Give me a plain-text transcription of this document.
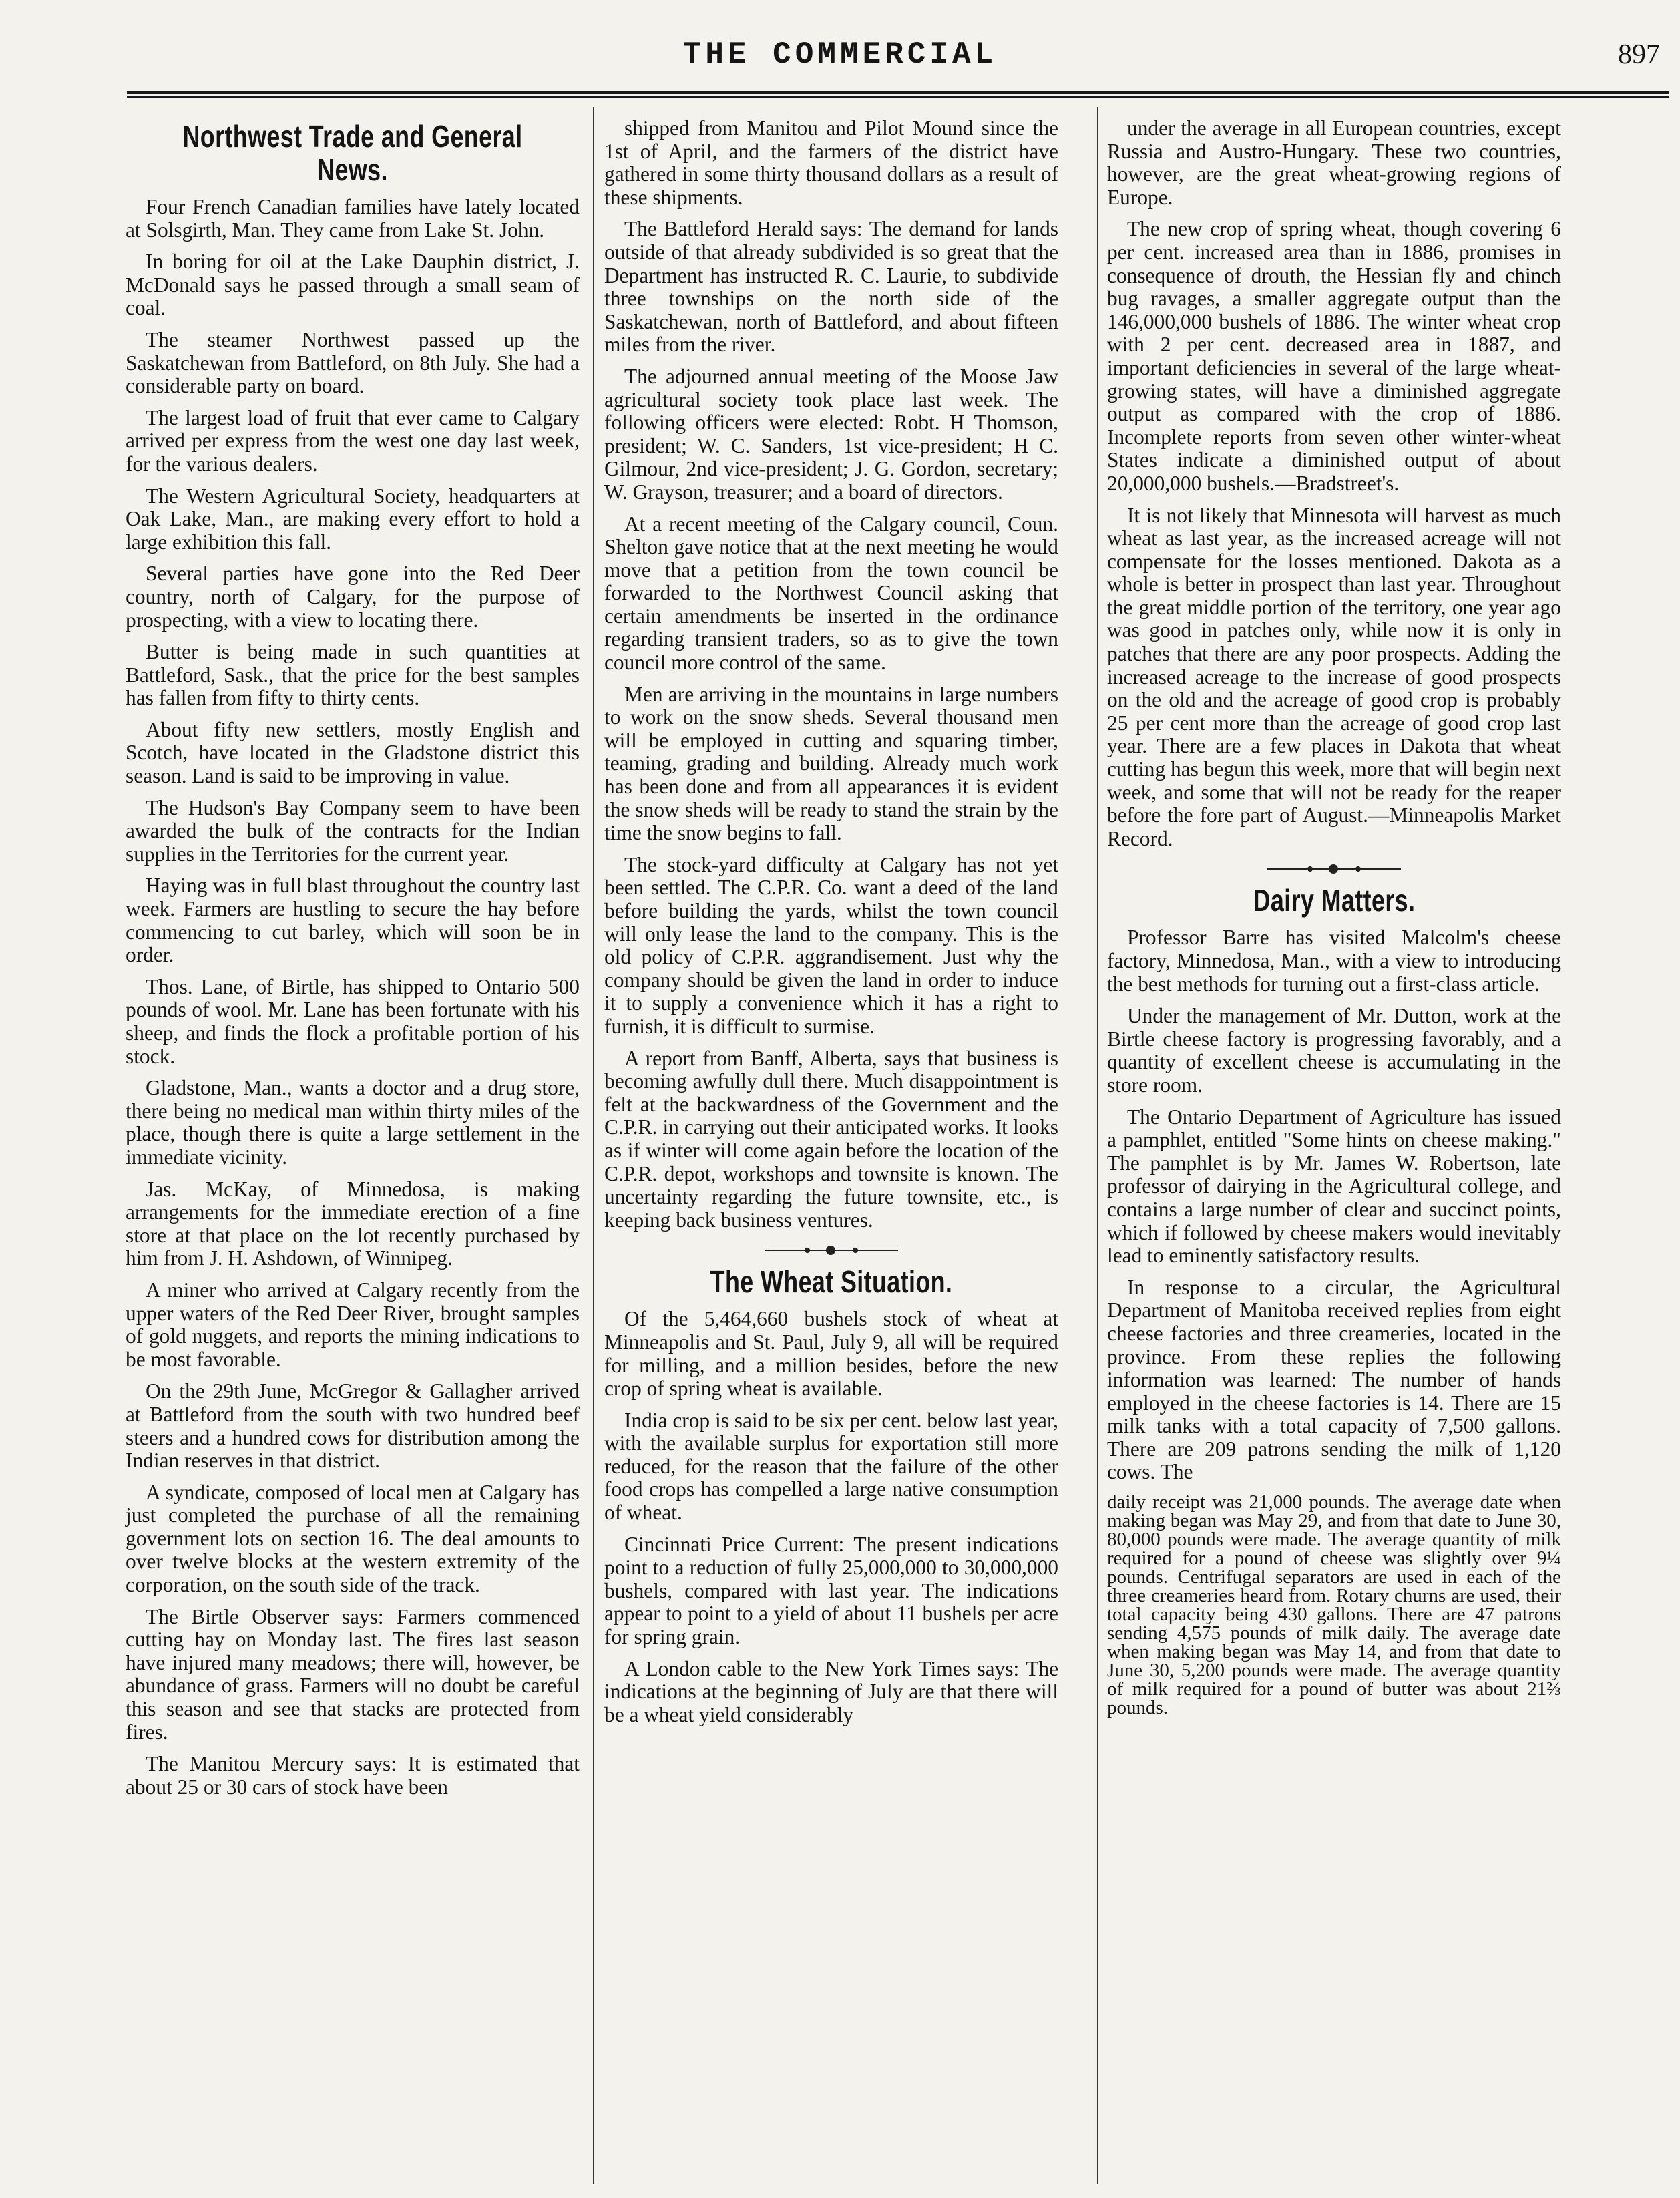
THE COMMERCIAL	897
Northwest Trade and General News.

Four French Canadian families have lately located at Solsgirth, Man. They came from Lake St. John.

In boring for oil at the Lake Dauphin district, J. McDonald says he passed through a small seam of coal.

The steamer Northwest passed up the Saskatchewan from Battleford, on 8th July. She had a considerable party on board.

The largest load of fruit that ever came to Calgary arrived per express from the west one day last week, for the various dealers.

The Western Agricultural Society, headquarters at Oak Lake, Man., are making every effort to hold a large exhibition this fall.

Several parties have gone into the Red Deer country, north of Calgary, for the purpose of prospecting, with a view to locating there.

Butter is being made in such quantities at Battleford, Sask., that the price for the best samples has fallen from fifty to thirty cents.

About fifty new settlers, mostly English and Scotch, have located in the Gladstone district this season. Land is said to be improving in value.

The Hudson's Bay Company seem to have been awarded the bulk of the contracts for the Indian supplies in the Territories for the current year.

Haying was in full blast throughout the country last week. Farmers are hustling to secure the hay before commencing to cut barley, which will soon be in order.

Thos. Lane, of Birtle, has shipped to Ontario 500 pounds of wool. Mr. Lane has been fortunate with his sheep, and finds the flock a profitable portion of his stock.

Gladstone, Man., wants a doctor and a drug store, there being no medical man within thirty miles of the place, though there is quite a large settlement in the immediate vicinity.

Jas. McKay, of Minnedosa, is making arrangements for the immediate erection of a fine store at that place on the lot recently purchased by him from J. H. Ashdown, of Winnipeg.

A miner who arrived at Calgary recently from the upper waters of the Red Deer River, brought samples of gold nuggets, and reports the mining indications to be most favorable.

On the 29th June, McGregor & Gallagher arrived at Battleford from the south with two hundred beef steers and a hundred cows for distribution among the Indian reserves in that district.

A syndicate, composed of local men at Calgary has just completed the purchase of all the remaining government lots on section 16. The deal amounts to over twelve blocks at the western extremity of the corporation, on the south side of the track.

The Birtle Observer says: Farmers commenced cutting hay on Monday last. The fires last season have injured many meadows; there will, however, be abundance of grass. Farmers will no doubt be careful this season and see that stacks are protected from fires.

The Manitou Mercury says: It is estimated that about 25 or 30 cars of stock have been

shipped from Manitou and Pilot Mound since the 1st of April, and the farmers of the district have gathered in some thirty thousand dollars as a result of these shipments.

The Battleford Herald says: The demand for lands outside of that already subdivided is so great that the Department has instructed R. C. Laurie, to subdivide three townships on the north side of the Saskatchewan, north of Battleford, and about fifteen miles from the river.

The adjourned annual meeting of the Moose Jaw agricultural society took place last week. The following officers were elected: Robt. H Thomson, president; W. C. Sanders, 1st vice-president; H C. Gilmour, 2nd vice-president; J. G. Gordon, secretary; W. Grayson, treasurer; and a board of directors.

At a recent meeting of the Calgary council, Coun. Shelton gave notice that at the next meeting he would move that a petition from the town council be forwarded to the Northwest Council asking that certain amendments be inserted in the ordinance regarding transient traders, so as to give the town council more control of the same.

Men are arriving in the mountains in large numbers to work on the snow sheds. Several thousand men will be employed in cutting and squaring timber, teaming, grading and building. Already much work has been done and from all appearances it is evident the snow sheds will be ready to stand the strain by the time the snow begins to fall.

The stock-yard difficulty at Calgary has not yet been settled. The C.P.R. Co. want a deed of the land before building the yards, whilst the town council will only lease the land to the company. This is the old policy of C.P.R. aggrandisement. Just why the company should be given the land in order to induce it to supply a convenience which it has a right to furnish, it is difficult to surmise.

A report from Banff, Alberta, says that business is becoming awfully dull there. Much disappointment is felt at the backwardness of the Government and the C.P.R. in carrying out their anticipated works. It looks as if winter will come again before the location of the C.P.R. depot, workshops and townsite is known. The uncertainty regarding the future townsite, etc., is keeping back business ventures.

The Wheat Situation.

Of the 5,464,660 bushels stock of wheat at Minneapolis and St. Paul, July 9, all will be required for milling, and a million besides, before the new crop of spring wheat is available.

India crop is said to be six per cent. below last year, with the available surplus for exportation still more reduced, for the reason that the failure of the other food crops has compelled a large native consumption of wheat.

Cincinnati Price Current: The present indications point to a reduction of fully 25,000,000 to 30,000,000 bushels, compared with last year. The indications appear to point to a yield of about 11 bushels per acre for spring grain.

A London cable to the New York Times says: The indications at the beginning of July are that there will be a wheat yield considerably

under the average in all European countries, except Russia and Austro-Hungary. These two countries, however, are the great wheat-growing regions of Europe.

The new crop of spring wheat, though covering 6 per cent. increased area than in 1886, promises in consequence of drouth, the Hessian fly and chinch bug ravages, a smaller aggregate output than the 146,000,000 bushels of 1886. The winter wheat crop with 2 per cent. decreased area in 1887, and important deficiencies in several of the large wheat-growing states, will have a diminished aggregate output as compared with the crop of 1886. Incomplete reports from seven other winter-wheat States indicate a diminished output of about 20,000,000 bushels.—Bradstreet's.

It is not likely that Minnesota will harvest as much wheat as last year, as the increased acreage will not compensate for the losses mentioned. Dakota as a whole is better in prospect than last year. Throughout the great middle portion of the territory, one year ago was good in patches only, while now it is only in patches that there are any poor prospects. Adding the increased acreage to the increase of good prospects on the old and the acreage of good crop is probably 25 per cent more than the acreage of good crop last year. There are a few places in Dakota that wheat cutting has begun this week, more that will begin next week, and some that will not be ready for the reaper before the fore part of August.—Minneapolis Market Record.

Dairy Matters.

Professor Barre has visited Malcolm's cheese factory, Minnedosa, Man., with a view to introducing the best methods for turning out a first-class article.

Under the management of Mr. Dutton, work at the Birtle cheese factory is progressing favorably, and a quantity of excellent cheese is accumulating in the store room.

The Ontario Department of Agriculture has issued a pamphlet, entitled "Some hints on cheese making." The pamphlet is by Mr. James W. Robertson, late professor of dairying in the Agricultural college, and contains a large number of clear and succinct points, which if followed by cheese makers would inevitably lead to eminently satisfactory results.

In response to a circular, the Agricultural Department of Manitoba received replies from eight cheese factories and three creameries, located in the province. From these replies the following information was learned: The number of hands employed in the cheese factories is 14. There are 15 milk tanks with a total capacity of 7,500 gallons. There are 209 patrons sending the milk of 1,120 cows. The

daily receipt was 21,000 pounds. The average date when making began was May 29, and from that date to June 30, 80,000 pounds were made. The average quantity of milk required for a pound of cheese was slightly over 9¼ pounds. Centrifugal separators are used in each of the three creameries heard from. Rotary churns are used, their total capacity being 430 gallons. There are 47 patrons sending 4,575 pounds of milk daily. The average date when making began was May 14, and from that date to June 30, 5,200 pounds were made. The average quantity of milk required for a pound of butter was about 21⅔ pounds.
